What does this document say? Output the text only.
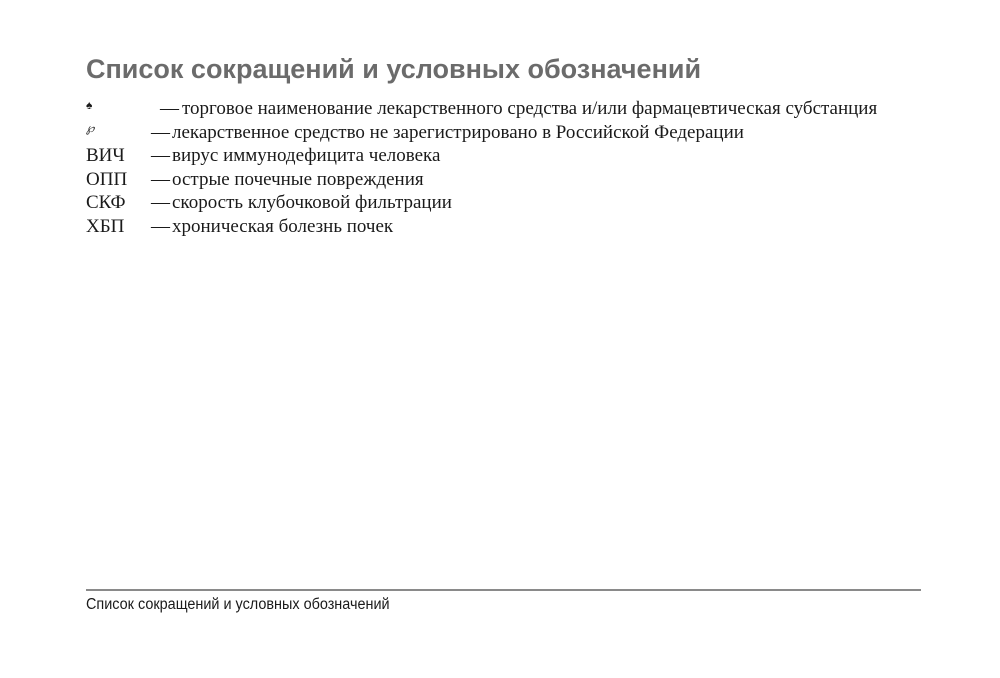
Список сокращений и условных обозначений
♠	— торговое наименование лекарственного средства и/или фармацевтическая субстанция
℘	— лекарственное средство не зарегистрировано в Российской Федерации
ВИЧ	— вирус иммунодефицита человека
ОПП	— острые почечные повреждения
СКФ	— скорость клубочковой фильтрации
ХБП	— хроническая болезнь почек

Список сокращений и условных обозначений
